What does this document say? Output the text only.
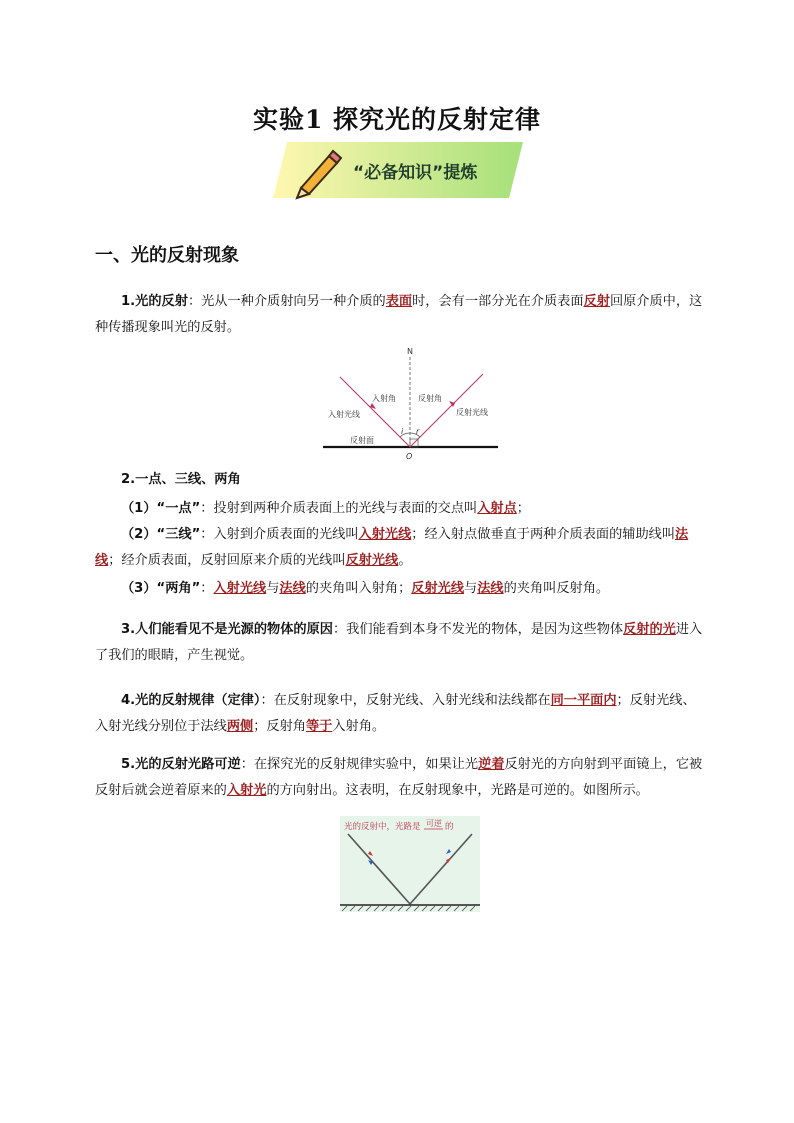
实验1 探究光的反射定律
“必备知识”提炼
一、光的反射现象
1.光的反射：光从一种介质射向另一种介质的表面时，会有一部分光在介质表面反射回原介质中，这种传播现象叫光的反射。
N
入射角	反射角
入射光线	反射光线
反射面
i r
O
2.一点、三线、两角
（1）“一点”：投射到两种介质表面上的光线与表面的交点叫入射点；
（2）“三线”：入射到介质表面的光线叫入射光线；经入射点做垂直于两种介质表面的辅助线叫法线；经介质表面，反射回原来介质的光线叫反射光线。
（3）“两角”：入射光线与法线的夹角叫入射角；反射光线与法线的夹角叫反射角。
3.人们能看见不是光源的物体的原因：我们能看到本身不发光的物体，是因为这些物体反射的光进入了我们的眼睛，产生视觉。
4.光的反射规律（定律）：在反射现象中，反射光线、入射光线和法线都在同一平面内；反射光线、入射光线分别位于法线两侧；反射角等于入射角。
5.光的反射光路可逆：在探究光的反射规律实验中，如果让光逆着反射光的方向射到平面镜上，它被反射后就会逆着原来的入射光的方向射出。这表明，在反射现象中，光路是可逆的。如图所示。
光的反射中，光路是 可逆 的
